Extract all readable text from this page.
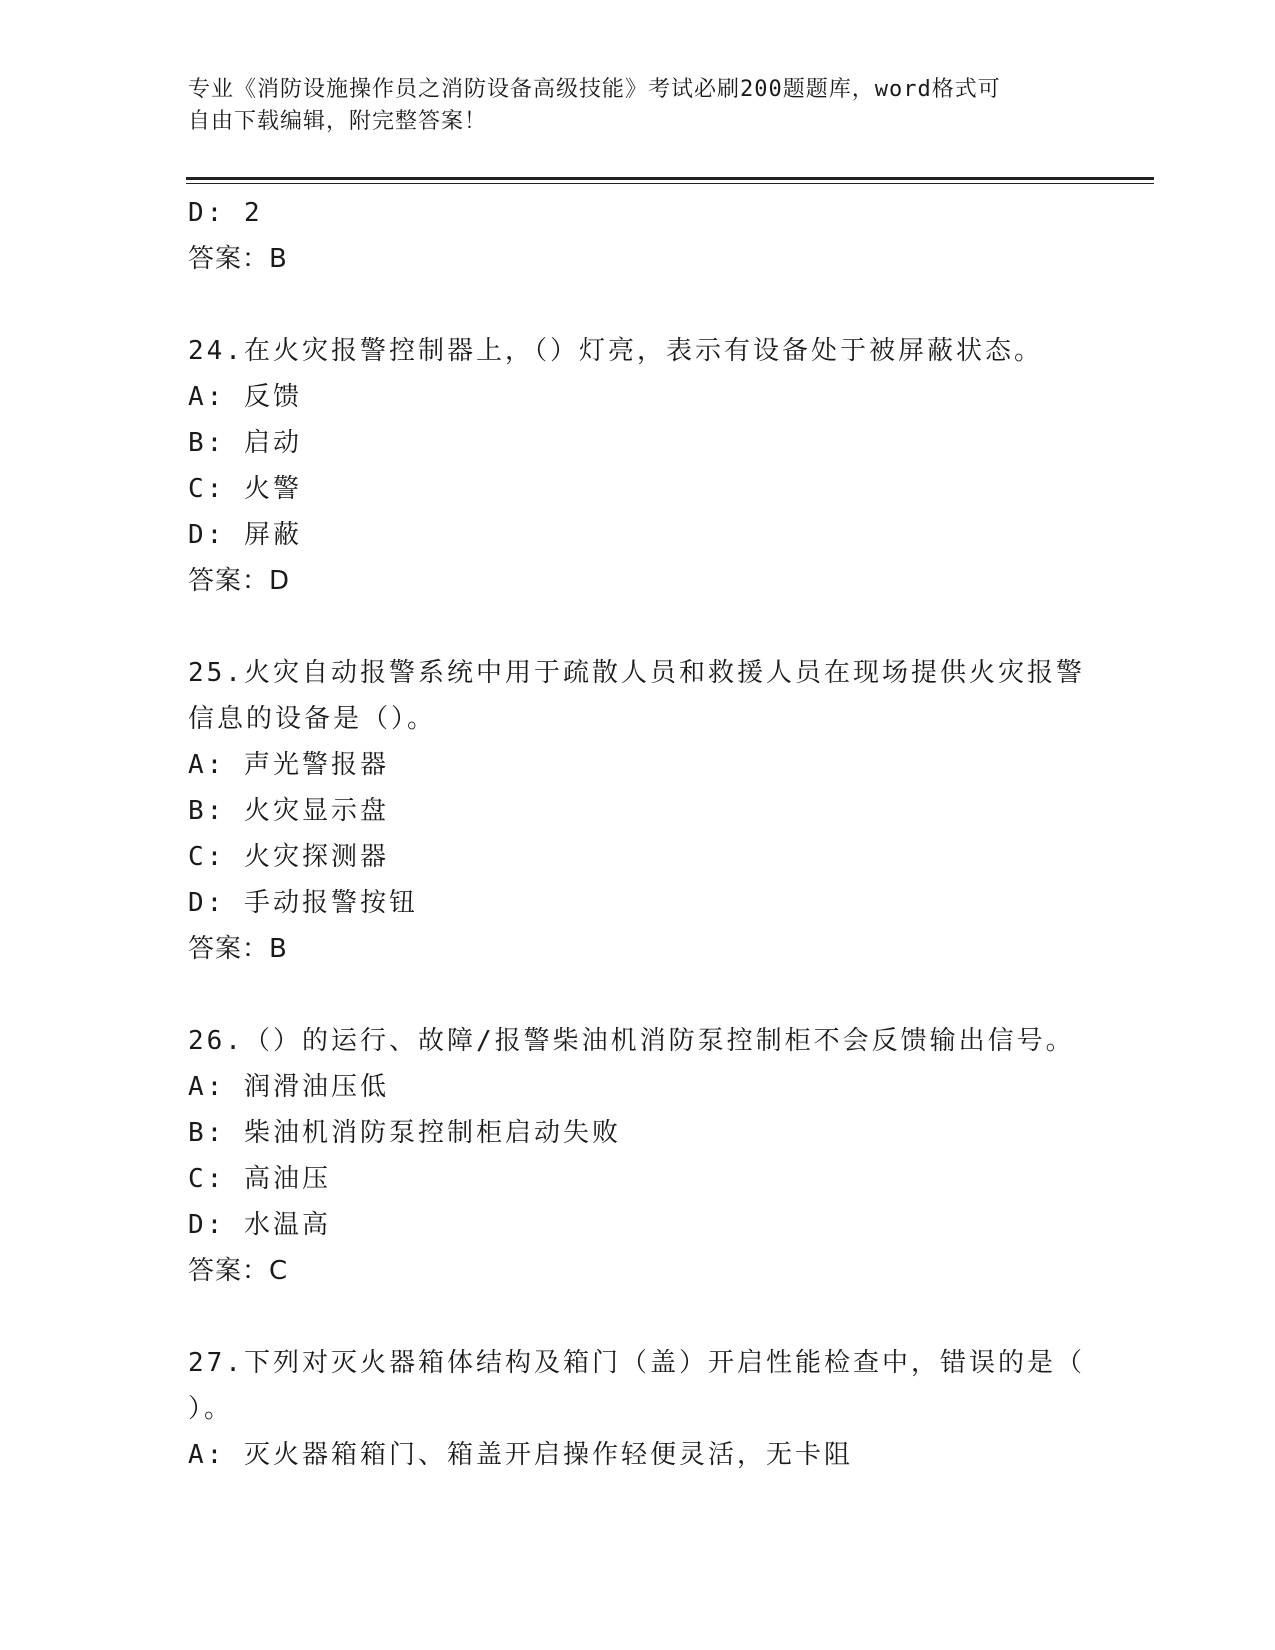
专业《消防设施操作员之消防设备高级技能》考试必刷200题题库，word格式可
自由下载编辑，附完整答案！
D: 2
答案：B
24.在火灾报警控制器上，（）灯亮，表示有设备处于被屏蔽状态。
A: 反馈
B: 启动
C: 火警
D: 屏蔽
答案：D
25.火灾自动报警系统中用于疏散人员和救援人员在现场提供火灾报警
信息的设备是（）。
A: 声光警报器
B: 火灾显示盘
C: 火灾探测器
D: 手动报警按钮
答案：B
26.（）的运行、故障/报警柴油机消防泵控制柜不会反馈输出信号。
A: 润滑油压低
B: 柴油机消防泵控制柜启动失败
C: 高油压
D: 水温高
答案：C
27.下列对灭火器箱体结构及箱门（盖）开启性能检查中，错误的是（
）。
A: 灭火器箱箱门、箱盖开启操作轻便灵活，无卡阻
